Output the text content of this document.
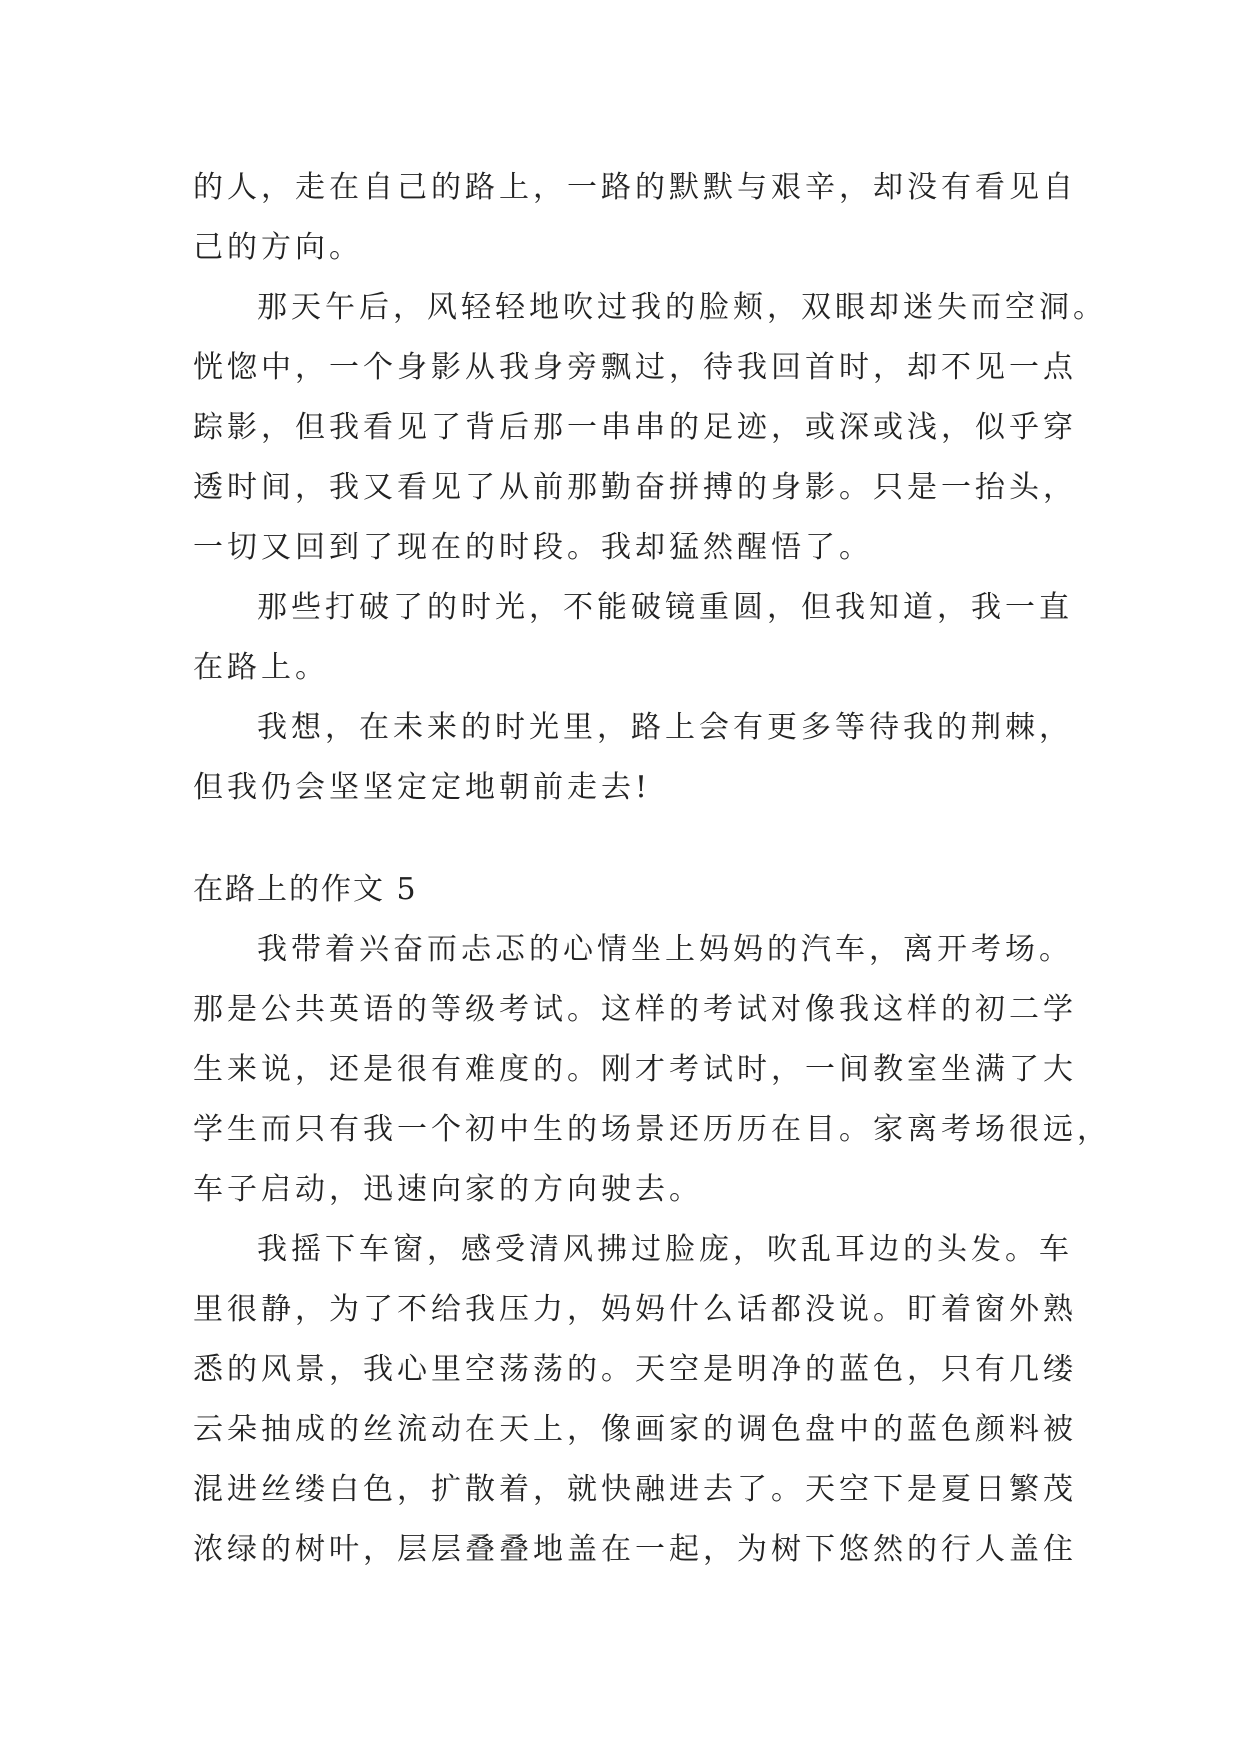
的人，走在自己的路上，一路的默默与艰辛，却没有看见自
己的方向。
那天午后，风轻轻地吹过我的脸颊，双眼却迷失而空洞。
恍惚中，一个身影从我身旁飘过，待我回首时，却不见一点
踪影，但我看见了背后那一串串的足迹，或深或浅，似乎穿
透时间，我又看见了从前那勤奋拼搏的身影。只是一抬头，
一切又回到了现在的时段。我却猛然醒悟了。
那些打破了的时光，不能破镜重圆，但我知道，我一直
在路上。
我想，在未来的时光里，路上会有更多等待我的荆棘，
但我仍会坚坚定定地朝前走去!
在路上的作文 5
我带着兴奋而忐忑的心情坐上妈妈的汽车，离开考场。
那是公共英语的等级考试。这样的考试对像我这样的初二学
生来说，还是很有难度的。刚才考试时，一间教室坐满了大
学生而只有我一个初中生的场景还历历在目。家离考场很远，
车子启动，迅速向家的方向驶去。
我摇下车窗，感受清风拂过脸庞，吹乱耳边的头发。车
里很静，为了不给我压力，妈妈什么话都没说。盯着窗外熟
悉的风景，我心里空荡荡的。天空是明净的蓝色，只有几缕
云朵抽成的丝流动在天上，像画家的调色盘中的蓝色颜料被
混进丝缕白色，扩散着，就快融进去了。天空下是夏日繁茂
浓绿的树叶，层层叠叠地盖在一起，为树下悠然的行人盖住
